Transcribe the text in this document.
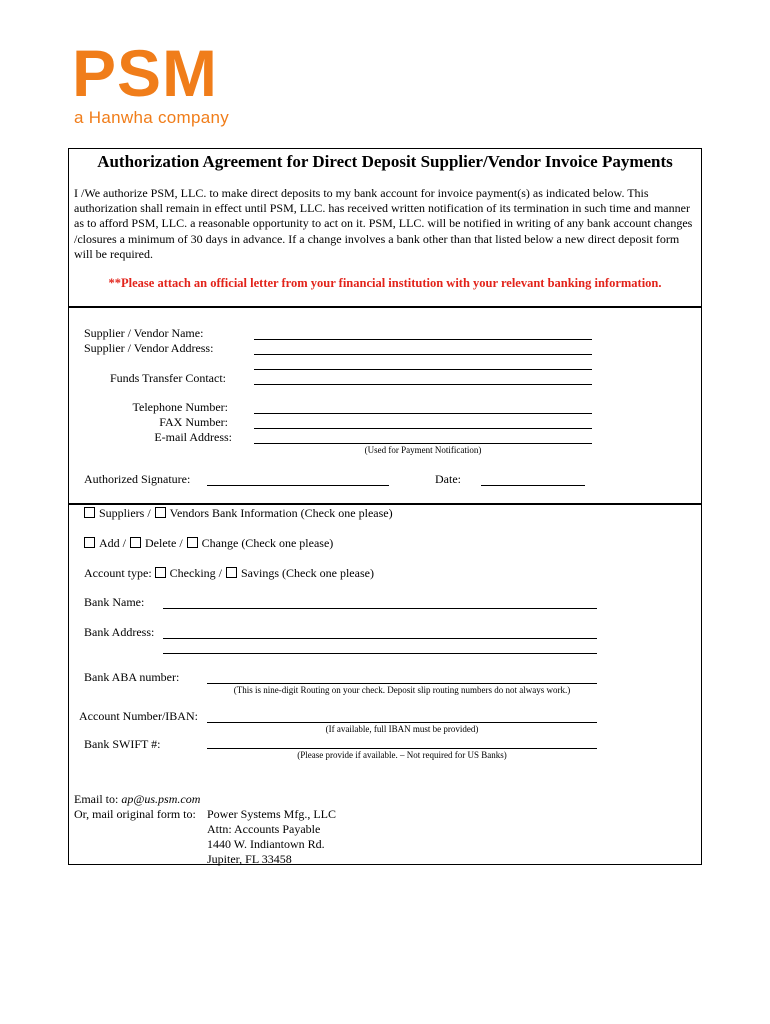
PSM
a Hanwha company
Authorization Agreement for Direct Deposit Supplier/Vendor Invoice Payments
I /We authorize PSM, LLC. to make direct deposits to my bank account for invoice payment(s) as indicated below. This authorization shall remain in effect until PSM, LLC. has received written notification of its termination in such time and manner as to afford PSM, LLC. a reasonable opportunity to act on it. PSM, LLC. will be notified in writing of any bank account changes /closures a minimum of 30 days in advance. If a change involves a bank other than that listed below a new direct deposit form will be required.
**Please attach an official letter from your financial institution with your relevant banking information.
Supplier / Vendor Name:
Supplier / Vendor Address:
Funds Transfer Contact:
Telephone Number:
FAX Number:
E-mail Address:
(Used for Payment Notification)
Authorized Signature:	Date:
Suppliers / Vendors Bank Information (Check one please)
Add / Delete / Change (Check one please)
Account type: Checking / Savings (Check one please)
Bank Name:
Bank Address:
Bank ABA number:
(This is nine-digit Routing on your check. Deposit slip routing numbers do not always work.)
Account Number/IBAN:
(If available, full IBAN must be provided)
Bank SWIFT #:
(Please provide if available. – Not required for US Banks)
Email to: ap@us.psm.com
Or, mail original form to: Power Systems Mfg., LLC
Attn: Accounts Payable
1440 W. Indiantown Rd.
Jupiter, FL 33458
